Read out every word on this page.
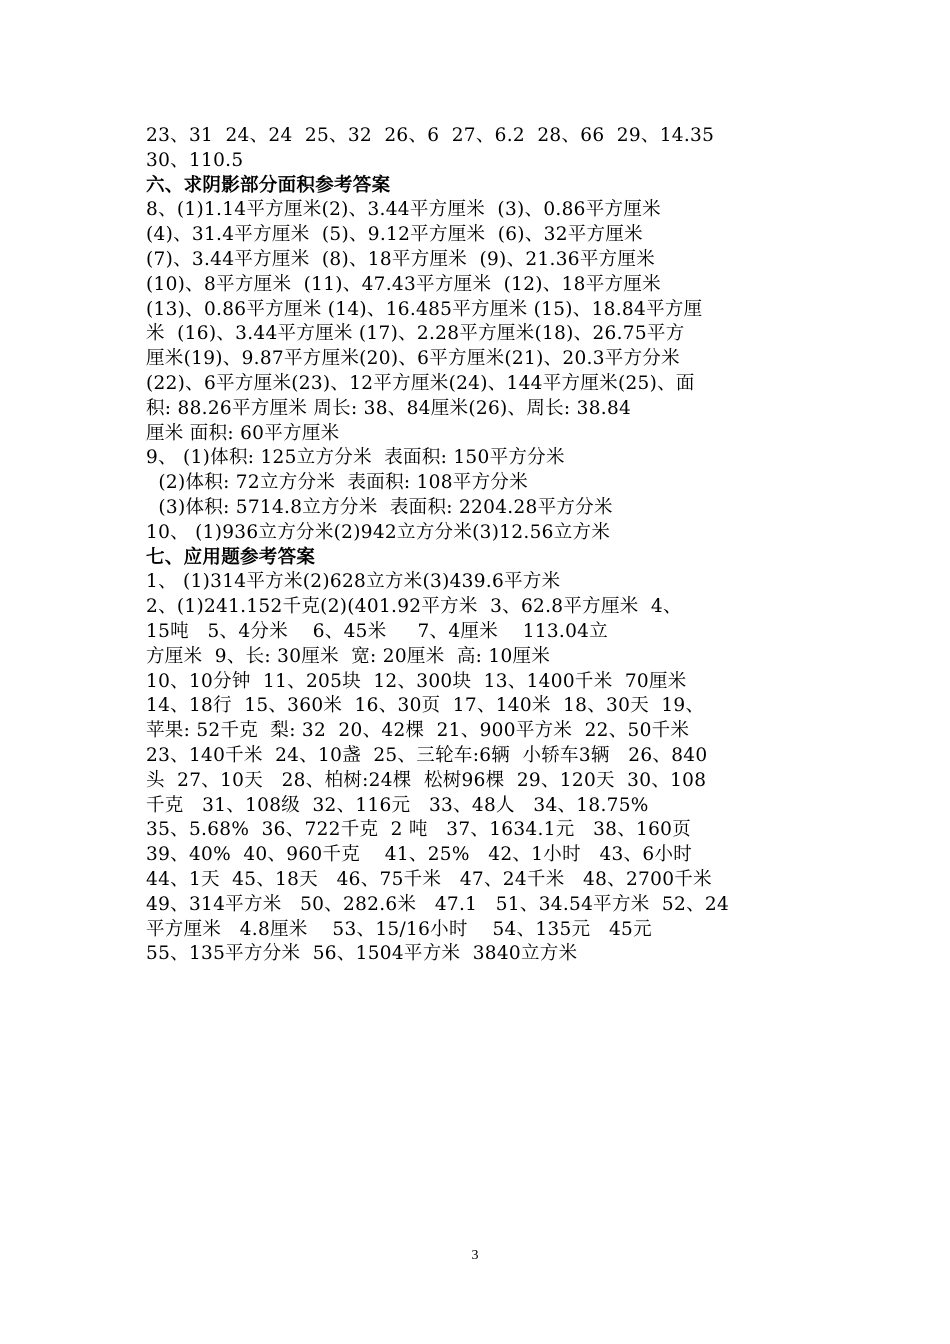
23、31  24、24  25、32  26、6  27、6.2  28、66  29、14.35
30、110.5
六、求阴影部分面积参考答案
8、(1)1.14平方厘米(2)、3.44平方厘米  (3)、0.86平方厘米
(4)、31.4平方厘米  (5)、9.12平方厘米  (6)、32平方厘米
(7)、3.44平方厘米  (8)、18平方厘米  (9)、21.36平方厘米
(10)、8平方厘米  (11)、47.43平方厘米  (12)、18平方厘米
(13)、0.86平方厘米 (14)、16.485平方厘米 (15)、18.84平方厘
米  (16)、3.44平方厘米 (17)、2.28平方厘米(18)、26.75平方
厘米(19)、9.87平方厘米(20)、6平方厘米(21)、20.3平方分米
(22)、6平方厘米(23)、12平方厘米(24)、144平方厘米(25)、面
积: 88.26平方厘米 周长: 38、84厘米(26)、周长: 38.84
厘米 面积: 60平方厘米
9、 (1)体积: 125立方分米  表面积: 150平方分米
(2)体积: 72立方分米  表面积: 108平方分米
(3)体积: 5714.8立方分米  表面积: 2204.28平方分米
10、 (1)936立方分米(2)942立方分米(3)12.56立方米
七、应用题参考答案
1、 (1)314平方米(2)628立方米(3)439.6平方米
2、(1)241.152千克(2)(401.92平方米  3、62.8平方厘米  4、
15吨   5、4分米    6、45米     7、4厘米    113.04立
方厘米  9、长: 30厘米  宽: 20厘米  高: 10厘米
10、10分钟  11、205块  12、300块  13、1400千米  70厘米
14、18行  15、360米  16、30页  17、140米  18、30天  19、
苹果: 52千克  梨: 32  20、42棵  21、900平方米  22、50千米
23、140千米  24、10盏  25、三轮车:6辆  小轿车3辆   26、840
头  27、10天   28、柏树:24棵  松树96棵  29、120天  30、108
千克   31、108级  32、116元   33、48人   34、18.75%
35、5.68%  36、722千克  2 吨   37、1634.1元   38、160页
39、40%  40、960千克    41、25%   42、1小时   43、6小时
44、1天  45、18天   46、75千米   47、24千米   48、2700千米
49、314平方米   50、282.6米   47.1   51、34.54平方米  52、24
平方厘米   4.8厘米    53、15/16小时    54、135元   45元
55、135平方分米  56、1504平方米  3840立方米
3
